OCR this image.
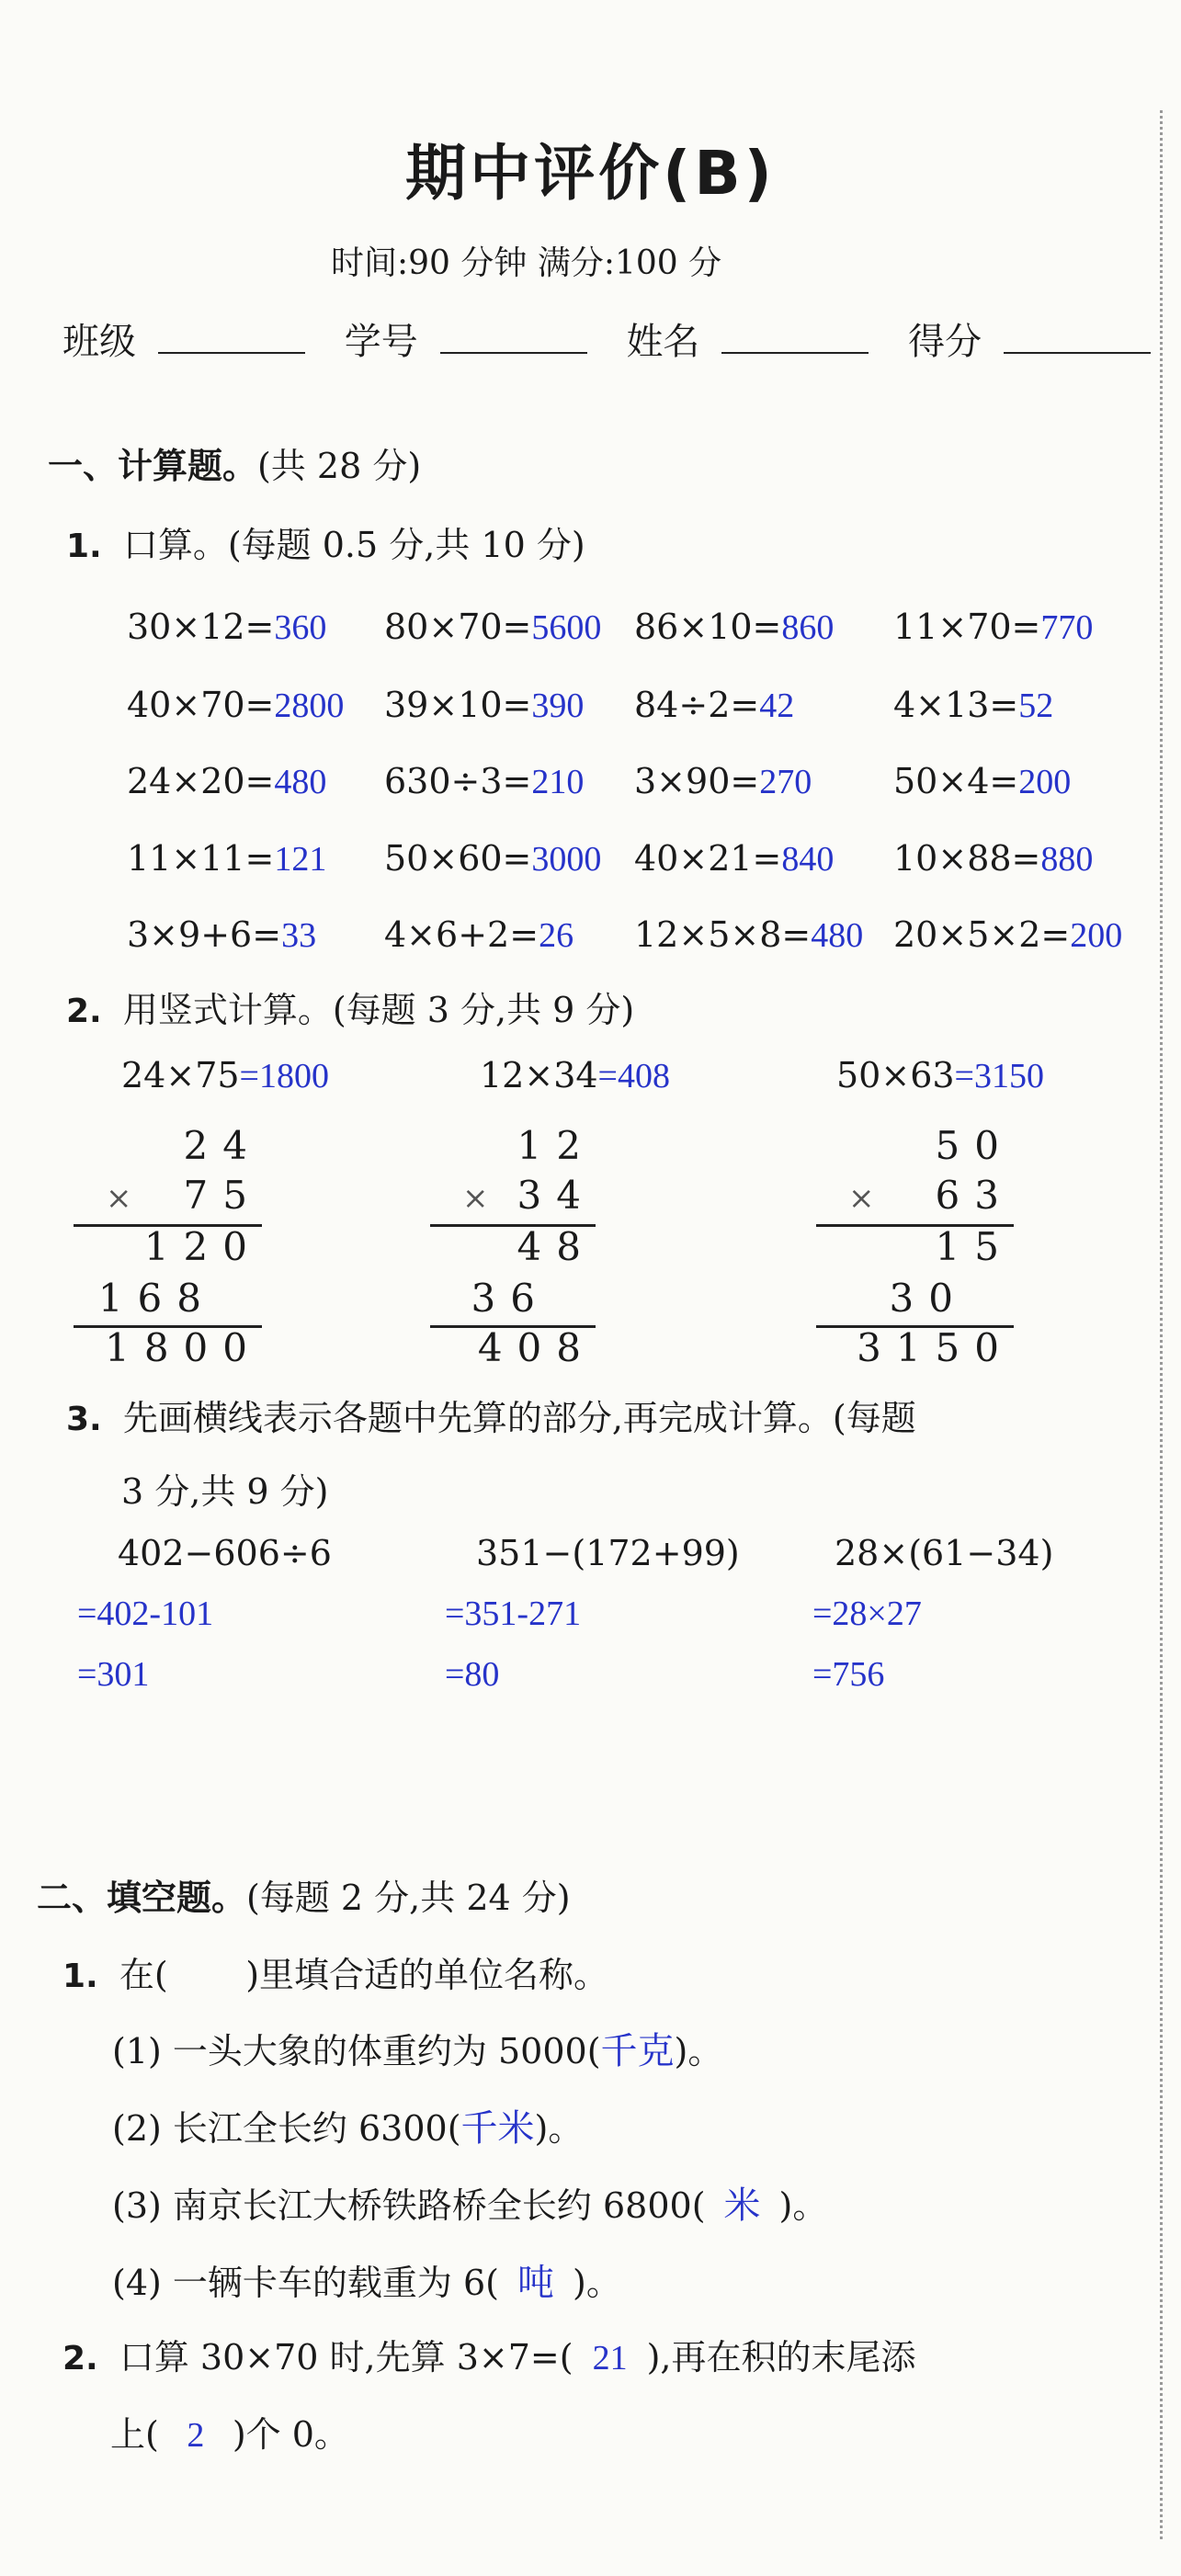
期中评价(B)
时间:90 分钟 满分:100 分
班级	学号	姓名	得分
一、计算题。(共 28 分)
1. 口算。(每题 0.5 分,共 10 分)
30×12=360 80×70=5600 86×10=860 11×70=770
40×70=2800 39×10=390 84÷2=42	4×13=52
24×20=480 630÷3=210 3×90=270 50×4=200
11×11=121 50×60=3000 40×21=840 10×88=880
3×9+6=33 4×6+2=26 12×5×8=480 20×5×2=200
2. 用竖式计算。(每题 3 分,共 9 分)
24×75=1800
24
75
×
120
168
1800
12×34=408
12
34
×
48
36
408
50×63=3150
50
63
×
15
30
3150
3. 先画横线表示各题中先算的部分,再完成计算。(每题
3 分,共 9 分)
402−606÷6
=402-101
=301
351−(172+99)
=351-271
=80
28×(61−34)
=28×27
=756
二、填空题。(每题 2 分,共 24 分)
1. 在(       )里填合适的单位名称。
(1) 一头大象的体重约为 5000(千克)。
(2) 长江全长约 6300(千米)。
(3) 南京长江大桥铁路桥全长约 6800( 米 )。
(4) 一辆卡车的载重为 6( 吨 )。
2. 口算 30×70 时,先算 3×7=( 21 ),再在积的末尾添
上( 2 )个 0。
